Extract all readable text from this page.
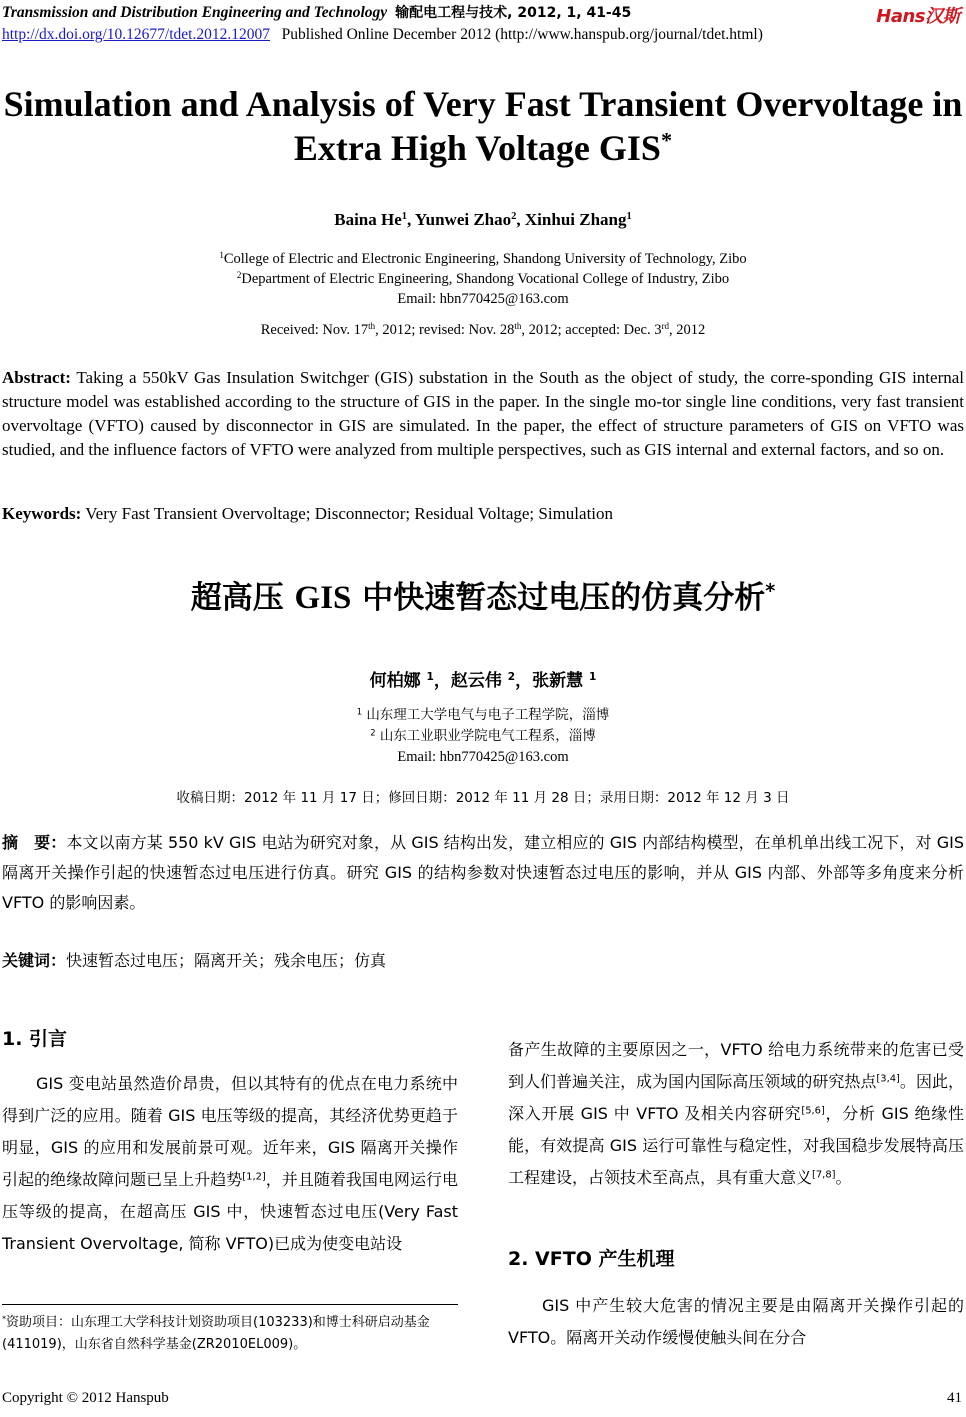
Transmission and Distribution Engineering and Technology 输配电工程与技术, 2012, 1, 41-45	Hans汉斯
http://dx.doi.org/10.12677/tdet.2012.12007 Published Online December 2012 (http://www.hanspub.org/journal/tdet.html)
Simulation and Analysis of Very Fast Transient Overvoltage in
Extra High Voltage GIS*
Baina He$^1$, Yunwei Zhao$^2$, Xinhui Zhang$^1$
$^1$College of Electric and Electronic Engineering, Shandong University of Technology, Zibo
$^2$Department of Electric Engineering, Shandong Vocational College of Industry, Zibo
Email: hbn770425@163.com
Received: Nov. 17th, 2012; revised: Nov. 28th, 2012; accepted: Dec. 3rd, 2012
Abstract: Taking a 550kV Gas Insulation Switchger (GIS) substation in the South as the object of study, the corre-sponding GIS internal structure model was established according to the structure of GIS in the paper. In the single mo-tor single line conditions, very fast transient overvoltage (VFTO) caused by disconnector in GIS are simulated. In the paper, the effect of structure parameters of GIS on VFTO was studied, and the influence factors of VFTO were analyzed from multiple perspectives, such as GIS internal and external factors, and so on.
Keywords: Very Fast Transient Overvoltage; Disconnector; Residual Voltage; Simulation
超高压 GIS 中快速暂态过电压的仿真分析*
何柏娜 $^1$，赵云伟 $^2$，张新慧 $^1$
$^1$ 山东理工大学电气与电子工程学院，淄博
$^2$ 山东工业职业学院电气工程系，淄博
Email: hbn770425@163.com
收稿日期：2012 年 11 月 17 日；修回日期：2012 年 11 月 28 日；录用日期：2012 年 12 月 3 日
摘　要：本文以南方某 550 kV GIS 电站为研究对象，从 GIS 结构出发，建立相应的 GIS 内部结构模型，在单机单出线工况下，对 GIS 隔离开关操作引起的快速暂态过电压进行仿真。研究 GIS 的结构参数对快速暂态过电压的影响，并从 GIS 内部、外部等多角度来分析 VFTO 的影响因素。
关键词：快速暂态过电压；隔离开关；残余电压；仿真
1. 引言
GIS 变电站虽然造价昂贵，但以其特有的优点在电力系统中得到广泛的应用。随着 GIS 电压等级的提高，其经济优势更趋于明显，GIS 的应用和发展前景可观。近年来，GIS 隔离开关操作引起的绝缘故障问题已呈上升趋势[1,2]，并且随着我国电网运行电压等级的提高，在超高压 GIS 中，快速暂态过电压(Very Fast Transient Overvoltage, 简称 VFTO)已成为使变电站设
*资助项目：山东理工大学科技计划资助项目(103233)和博士科研启动基金(411019)，山东省自然科学基金(ZR2010EL009)。
备产生故障的主要原因之一，VFTO 给电力系统带来的危害已受到人们普遍关注，成为国内国际高压领域的研究热点[3,4]。因此，深入开展 GIS 中 VFTO 及相关内容研究[5,6]，分析 GIS 绝缘性能，有效提高 GIS 运行可靠性与稳定性，对我国稳步发展特高压工程建设，占领技术至高点，具有重大意义[7,8]。
2. VFTO 产生机理
GIS 中产生较大危害的情况主要是由隔离开关操作引起的 VFTO。隔离开关动作缓慢使触头间在分合
Copyright © 2012 Hanspub	41
